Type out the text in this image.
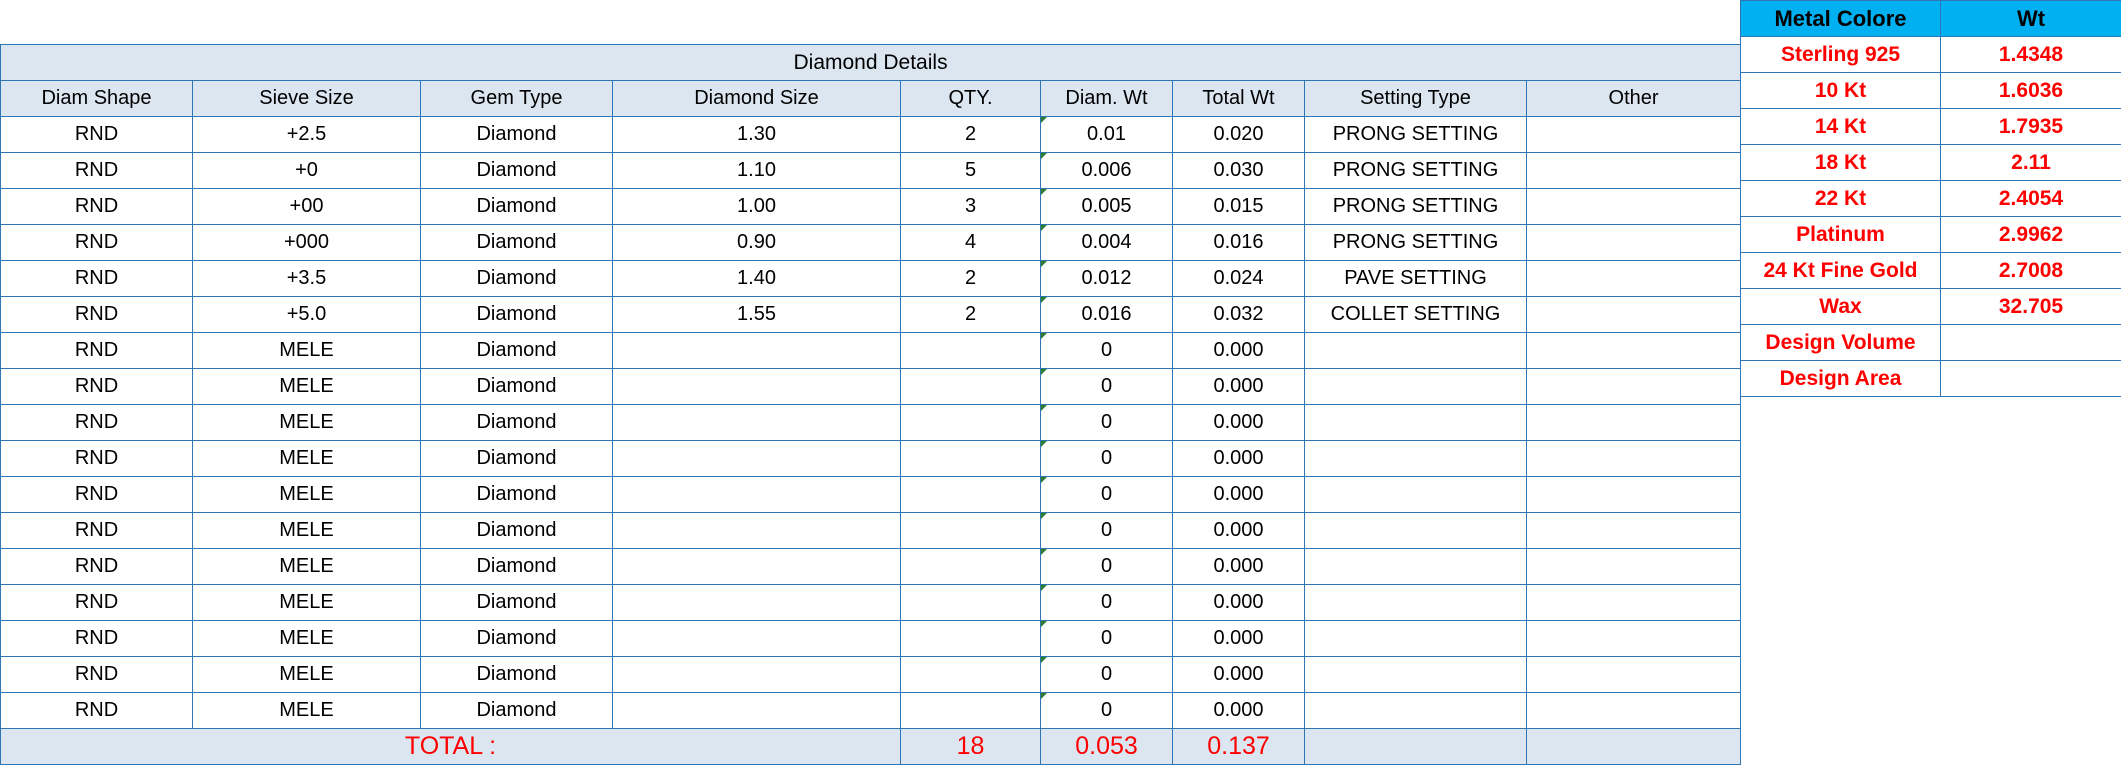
Diamond Details								
Diam Shape	Sieve Size	Gem Type	Diamond Size	QTY.	Diam. Wt	Total Wt	Setting Type	Other
RND	+2.5	Diamond	1.30	2	0.01	0.020	PRONG SETTING	
RND	+0	Diamond	1.10	5	0.006	0.030	PRONG SETTING	
RND	+00	Diamond	1.00	3	0.005	0.015	PRONG SETTING	
RND	+000	Diamond	0.90	4	0.004	0.016	PRONG SETTING	
RND	+3.5	Diamond	1.40	2	0.012	0.024	PAVE SETTING	
RND	+5.0	Diamond	1.55	2	0.016	0.032	COLLET SETTING	
RND	MELE	Diamond			0	0.000		
RND	MELE	Diamond			0	0.000		
RND	MELE	Diamond			0	0.000		
RND	MELE	Diamond			0	0.000		
RND	MELE	Diamond			0	0.000		
RND	MELE	Diamond			0	0.000		
RND	MELE	Diamond			0	0.000		
RND	MELE	Diamond			0	0.000		
RND	MELE	Diamond			0	0.000		
RND	MELE	Diamond			0	0.000		
RND	MELE	Diamond			0	0.000		
TOTAL :				18	0.053	0.137		
Metal Colore	Wt
Sterling 925	1.4348
10 Kt	1.6036
14 Kt	1.7935
18 Kt	2.11
22 Kt	2.4054
Platinum	2.9962
24 Kt Fine Gold	2.7008
Wax	32.705
Design Volume	
Design Area	
